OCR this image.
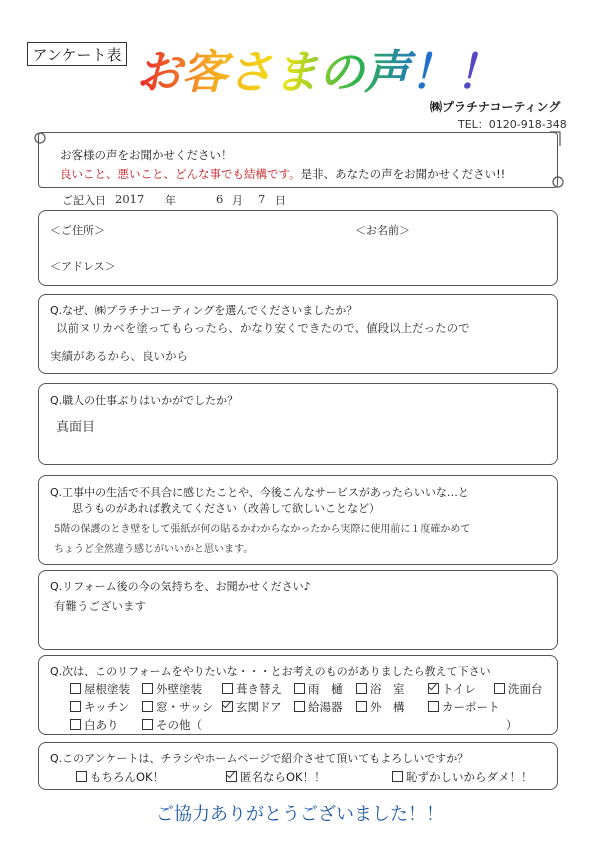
アンケート表 お客さまの声！！
㈱プラチナコーティング
TEL：0120-918-348
お客様の声をお聞かせください！
良いこと、悪いこと、どんな事でも結構です。是非、あなたの声をお聞かせください!!
ご記入日 2017 年	6 月 7 日
＜ご住所＞	＜お名前＞
＜アドレス＞
Q.なぜ、㈱プラチナコーティングを選んでくださいましたか？
以前ヌリカベを塗ってもらったら、かなり安くできたので、値段以上だったので
実績があるから、良いから
Q.職人の仕事ぶりはいかがでしたか？
真面目
Q.工事中の生活で不具合に感じたことや、今後こんなサービスがあったらいいな…と
思うものがあれば教えてください（改善して欲しいことなど）
5階の保護のとき壁をして張紙が何の貼るかわからなかったから実際に使用前に１度確かめて
ちょうど全然違う感じがいいかと思います。
Q.リフォーム後の今の気持ちを、お聞かせください♪
有難うございます
Q.次は、このリフォームをやりたいな・・・とお考えのものがありましたら教えて下さい
屋根塗装	外壁塗装	葺き替え	雨　樋	浴　室	トイレ	洗面台
キッチン	窓・サッシ	玄関ドア	給湯器	外　構	カーポート
白あり	その他（	）
Q.このアンケートは、チラシやホームページで紹介させて頂いてもよろしいですか？
もちろんOK！	匿名ならOK！！	恥ずかしいからダメ！！
ご協力ありがとうございました！！
